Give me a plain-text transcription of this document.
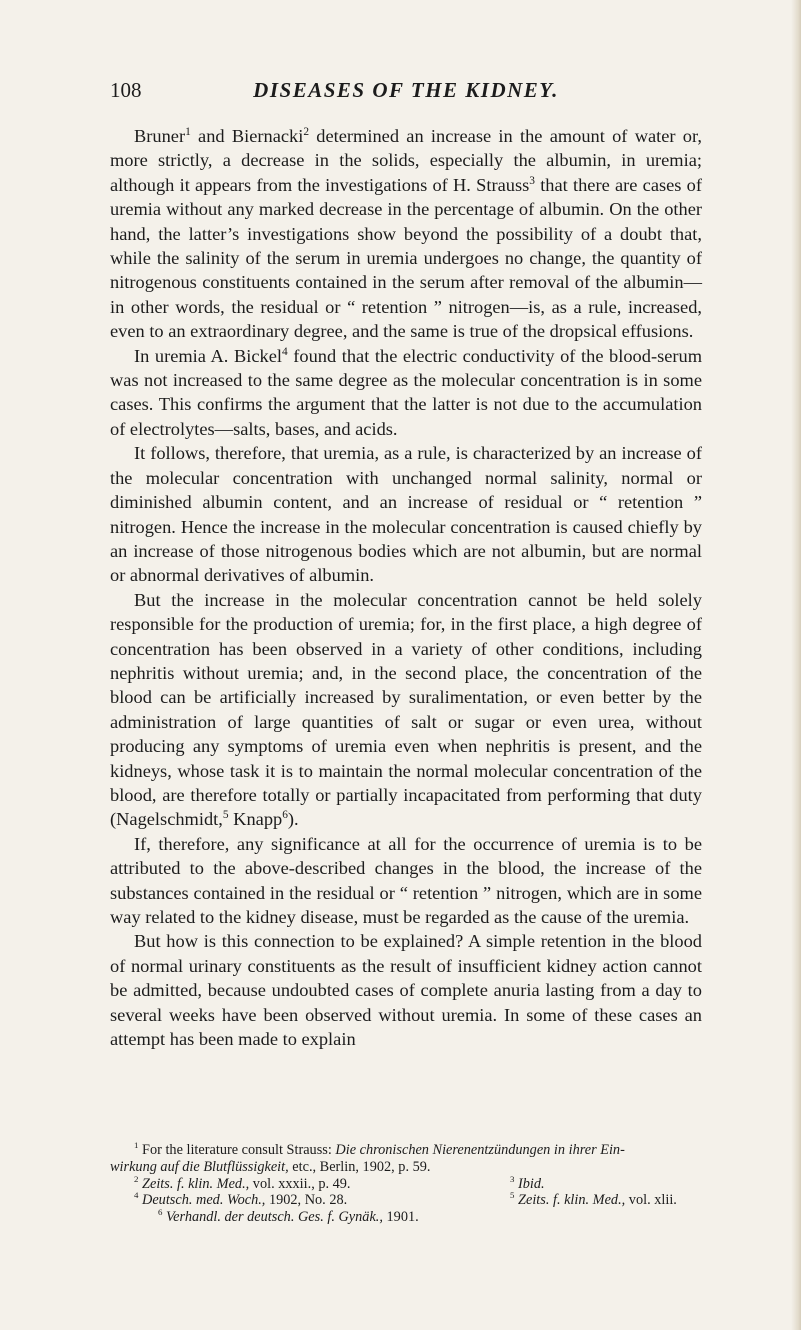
108	DISEASES OF THE KIDNEY.

Bruner$^1$ and Biernacki$^2$ determined an increase in the amount of water or, more strictly, a decrease in the solids, especially the albumin, in uremia; although it appears from the investigations of H. Strauss$^3$ that there are cases of uremia without any marked decrease in the percentage of albumin. On the other hand, the latter’s investigations show beyond the possibility of a doubt that, while the salinity of the serum in uremia undergoes no change, the quantity of nitrogenous constituents contained in the serum after removal of the albumin—in other words, the residual or “ retention ” nitrogen—is, as a rule, increased, even to an extraordinary degree, and the same is true of the dropsical effusions.

In uremia A. Bickel$^4$ found that the electric conductivity of the blood-serum was not increased to the same degree as the molecular concentration is in some cases. This confirms the argument that the latter is not due to the accumulation of electrolytes—salts, bases, and acids.

It follows, therefore, that uremia, as a rule, is characterized by an increase of the molecular concentration with unchanged normal salinity, normal or diminished albumin content, and an increase of residual or “ retention ” nitrogen. Hence the increase in the molecular concentration is caused chiefly by an increase of those nitrogenous bodies which are not albumin, but are normal or abnormal derivatives of albumin.

But the increase in the molecular concentration cannot be held solely responsible for the production of uremia; for, in the first place, a high degree of concentration has been observed in a variety of other conditions, including nephritis without uremia; and, in the second place, the concentration of the blood can be artificially increased by suralimentation, or even better by the administration of large quantities of salt or sugar or even urea, without producing any symptoms of uremia even when nephritis is present, and the kidneys, whose task it is to maintain the normal molecular concentration of the blood, are therefore totally or partially incapacitated from performing that duty (Nagelschmidt,$^5$ Knapp$^6$).

If, therefore, any significance at all for the occurrence of uremia is to be attributed to the above-described changes in the blood, the increase of the substances contained in the residual or “ retention ” nitrogen, which are in some way related to the kidney disease, must be regarded as the cause of the uremia.

But how is this connection to be explained? A simple retention in the blood of normal urinary constituents as the result of insufficient kidney action cannot be admitted, because undoubted cases of complete anuria lasting from a day to several weeks have been observed without uremia. In some of these cases an attempt has been made to explain

$^1$ For the literature consult Strauss: Die chronischen Nierenentzündungen in ihrer Ein-
wirkung auf die Blutflüssigkeit, etc., Berlin, 1902, p. 59.

$^2$ Zeits. f. klin. Med., vol. xxxii., p. 49.	$^3$ Ibid.
$^4$ Deutsch. med. Woch., 1902, No. 28.	$^5$ Zeits. f. klin. Med., vol. xlii.
$^6$ Verhandl. der deutsch. Ges. f. Gynäk., 1901.
